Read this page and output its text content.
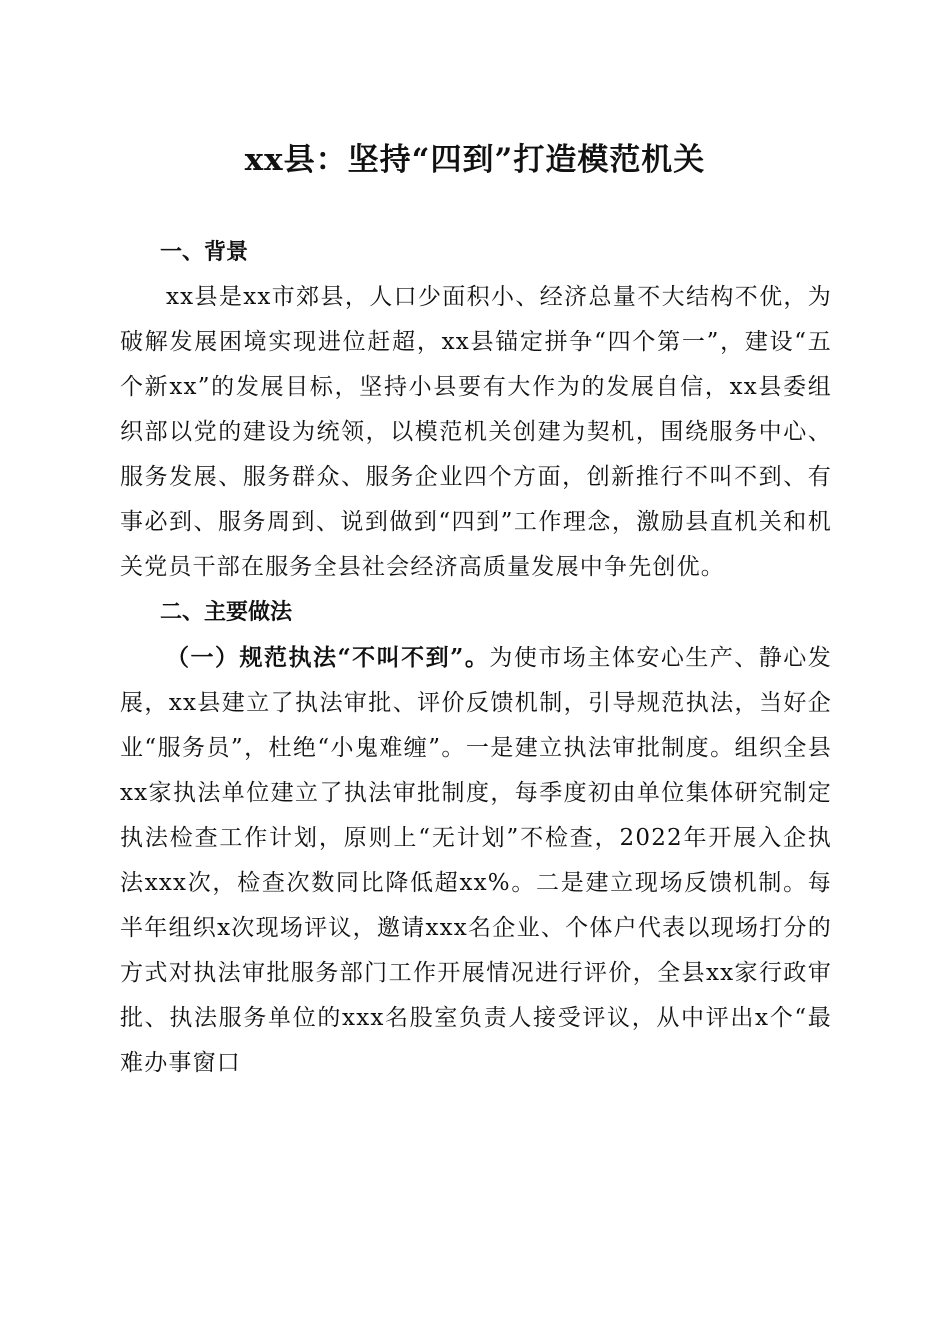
xx县：坚持“四到”打造模范机关

一、背景

xx县是xx市郊县，人口少面积小、经济总量不大结构不优，为破解发展困境实现进位赶超，xx县锚定拼争“四个第一”，建设“五个新xx”的发展目标，坚持小县要有大作为的发展自信，xx县委组织部以党的建设为统领，以模范机关创建为契机，围绕服务中心、服务发展、服务群众、服务企业四个方面，创新推行不叫不到、有事必到、服务周到、说到做到“四到”工作理念，激励县直机关和机关党员干部在服务全县社会经济高质量发展中争先创优。

二、主要做法

（一）规范执法“不叫不到”。为使市场主体安心生产、静心发展，xx县建立了执法审批、评价反馈机制，引导规范执法，当好企业“服务员”，杜绝“小鬼难缠”。一是建立执法审批制度。组织全县xx家执法单位建立了执法审批制度，每季度初由单位集体研究制定执法检查工作计划，原则上“无计划”不检查，2022年开展入企执法xxx次，检查次数同比降低超xx%。二是建立现场反馈机制。每半年组织x次现场评议，邀请xxx名企业、个体户代表以现场打分的方式对执法审批服务部门工作开展情况进行评价，全县xx家行政审批、执法服务单位的xxx名股室负责人接受评议，从中评出x个“最难办事窗口
